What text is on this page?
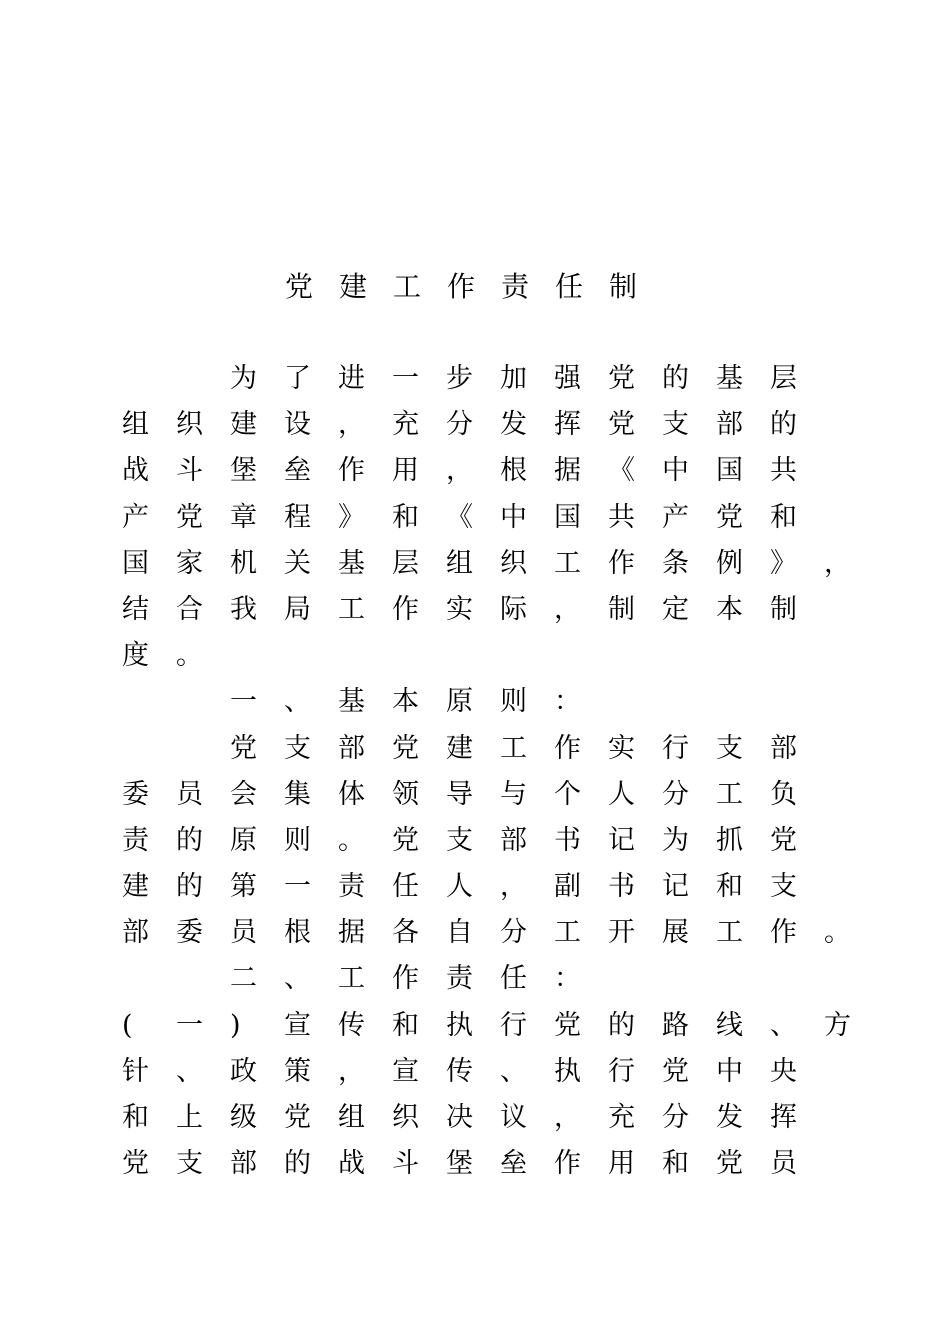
党 建 工 作 责 任 制
为	了	进	一	步	加	强	党	的	基	层
组	织	建	设	，	充	分	发	挥	党	支	部	的
战	斗	堡	垒	作	用	，	根	据	《	中	国	共
产	党	章	程	》	和	《	中	国	共	产	党	和
国	家	机	关	基	层	组	织	工	作	条	例	》	，
结	合	我	局	工	作	实	际	，	制	定	本	制
度	。
一	、	基	本	原	则	：
党	支	部	党	建	工	作	实	行	支	部
委	员	会	集	体	领	导	与	个	人	分	工	负
责	的	原	则	。	党	支	部	书	记	为	抓	党
建	的	第	一	责	任	人	，	副	书	记	和	支
部	委	员	根	据	各	自	分	工	开	展	工	作	。
二	、	工	作	责	任	：
(	一	)	宣	传	和	执	行	党	的	路	线	、	方
针	、	政	策	，	宣	传	、	执	行	党	中	央
和	上	级	党	组	织	决	议	，	充	分	发	挥
党	支	部	的	战	斗	堡	垒	作	用	和	党	员
